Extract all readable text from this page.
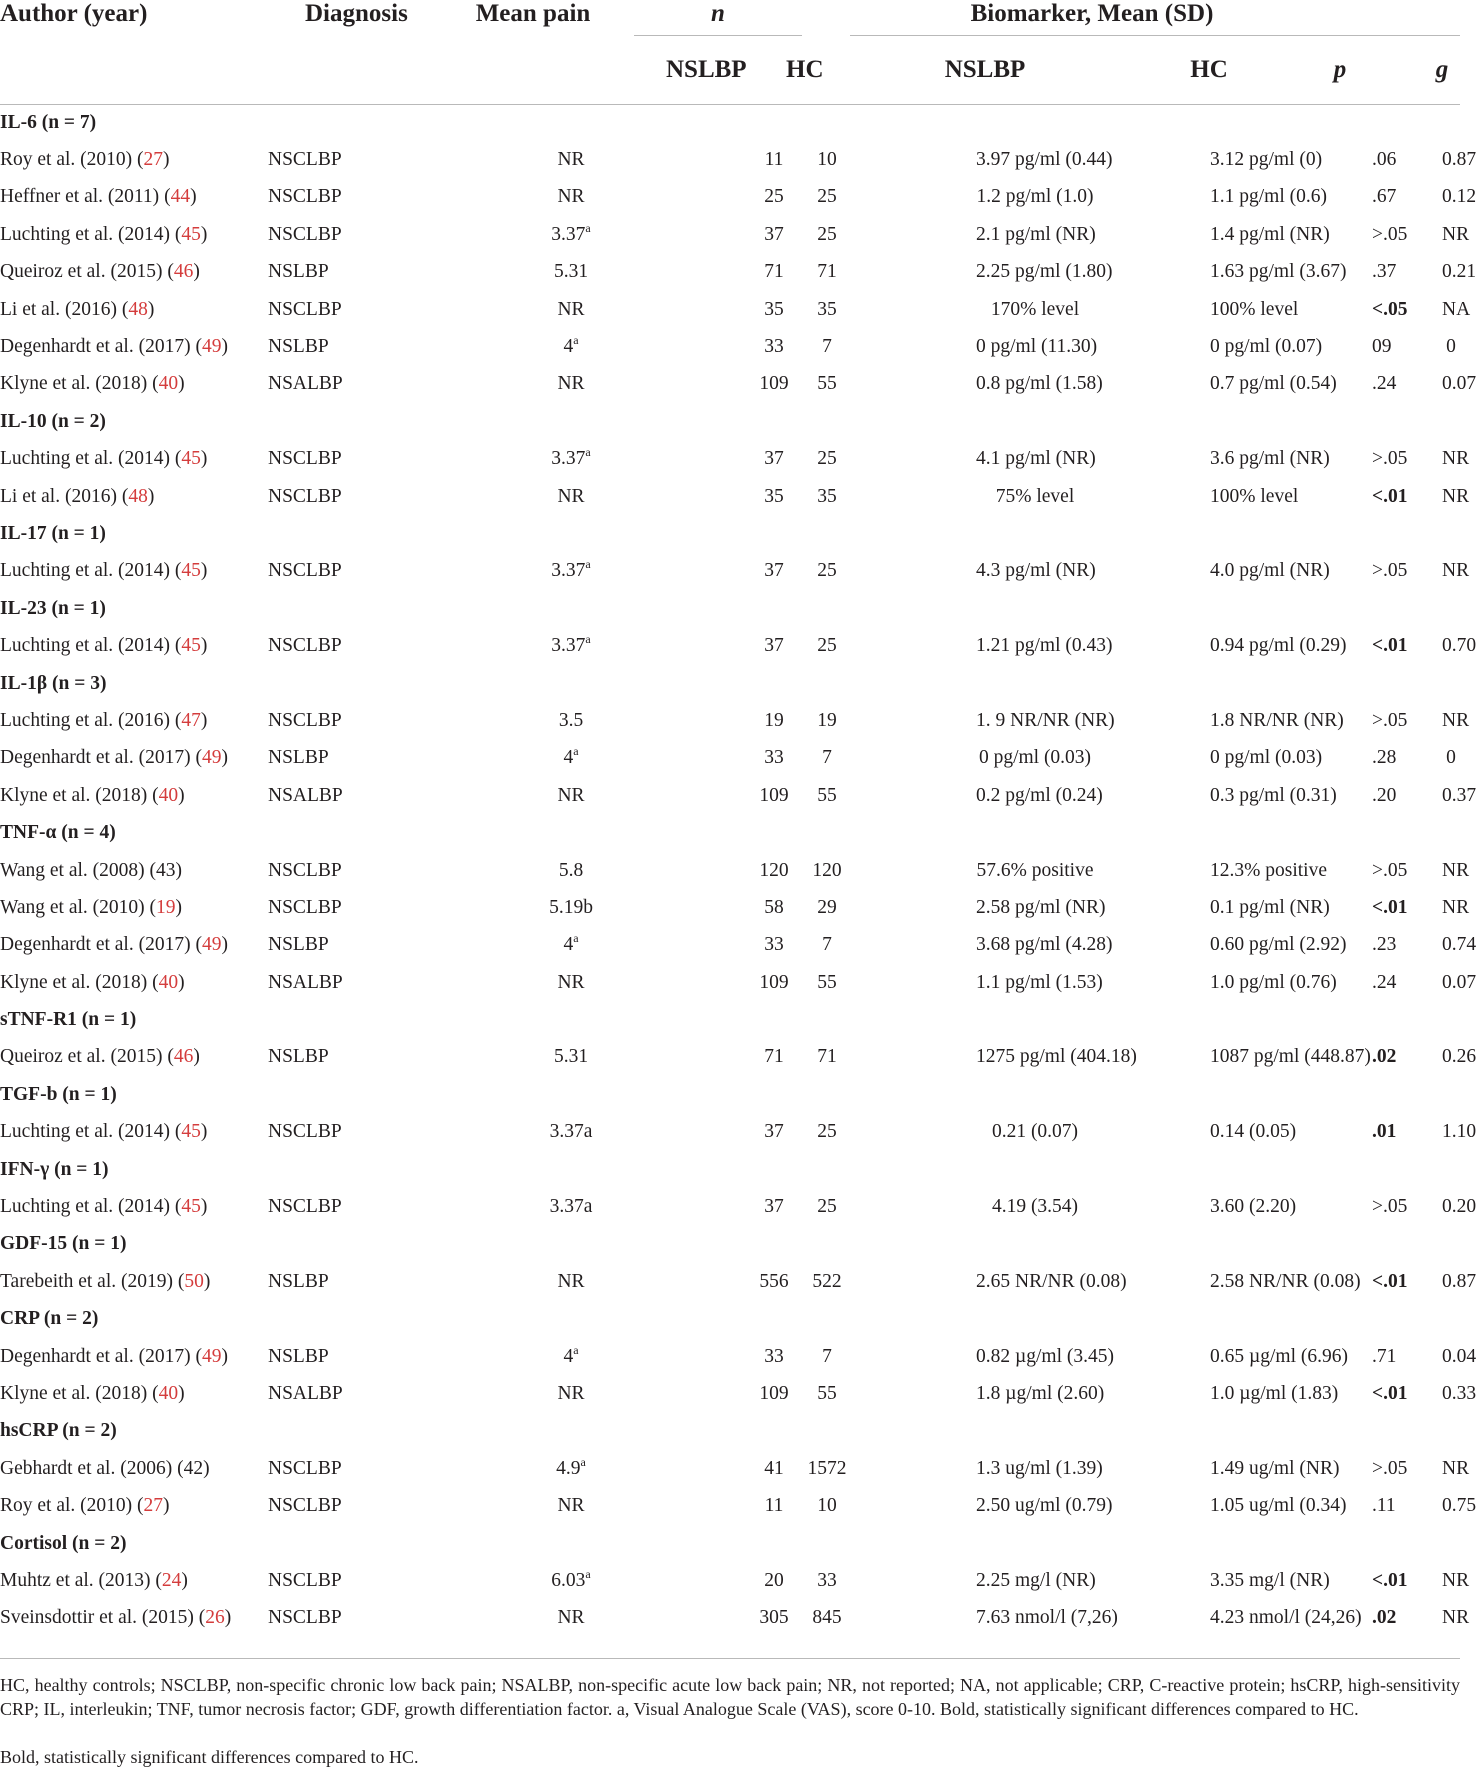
Author (year)	Diagnosis	Mean pain	n			Biomarker, Mean (SD)			

			NSLBP	HC		NSLBP	HC	p	g
IL-6 (n = 7)									
Roy et al. (2010) (27)	NSCLBP	NR	11	10		3.97 pg/ml (0.44)	3.12 pg/ml (0)	.06	0.87
Heffner et al. (2011) (44)	NSCLBP	NR	25	25		1.2 pg/ml (1.0)	1.1 pg/ml (0.6)	.67	0.12
Luchting et al. (2014) (45)	NSCLBP	3.37$^a$	37	25		2.1 pg/ml (NR)	1.4 pg/ml (NR)	>.05	NR
Queiroz et al. (2015) (46)	NSLBP	5.31	71	71		2.25 pg/ml (1.80)	1.63 pg/ml (3.67)	.37	0.21
Li et al. (2016) (48)	NSCLBP	NR	35	35		170% level	100% level	<.05	NA
Degenhardt et al. (2017) (49)	NSLBP	4$^a$	33	7		0 pg/ml (11.30)	0 pg/ml (0.07)	09	0
Klyne et al. (2018) (40)	NSALBP	NR	109	55		0.8 pg/ml (1.58)	0.7 pg/ml (0.54)	.24	0.07
IL-10 (n = 2)									
Luchting et al. (2014) (45)	NSCLBP	3.37$^a$	37	25		4.1 pg/ml (NR)	3.6 pg/ml (NR)	>.05	NR
Li et al. (2016) (48)	NSCLBP	NR	35	35		75% level	100% level	<.01	NR
IL-17 (n = 1)									
Luchting et al. (2014) (45)	NSCLBP	3.37$^a$	37	25		4.3 pg/ml (NR)	4.0 pg/ml (NR)	>.05	NR
IL-23 (n = 1)									
Luchting et al. (2014) (45)	NSCLBP	3.37$^a$	37	25		1.21 pg/ml (0.43)	0.94 pg/ml (0.29)	<.01	0.70
IL-1β (n = 3)									
Luchting et al. (2016) (47)	NSCLBP	3.5	19	19		1. 9 NR/NR (NR)	1.8 NR/NR (NR)	>.05	NR
Degenhardt et al. (2017) (49)	NSLBP	4$^a$	33	7		0 pg/ml (0.03)	0 pg/ml (0.03)	.28	0
Klyne et al. (2018) (40)	NSALBP	NR	109	55		0.2 pg/ml (0.24)	0.3 pg/ml (0.31)	.20	0.37
TNF-α (n = 4)									
Wang et al. (2008) (43)	NSCLBP	5.8	120	120		57.6% positive	12.3% positive	>.05	NR
Wang et al. (2010) (19)	NSCLBP	5.19b	58	29		2.58 pg/ml (NR)	0.1 pg/ml (NR)	<.01	NR
Degenhardt et al. (2017) (49)	NSLBP	4$^a$	33	7		3.68 pg/ml (4.28)	0.60 pg/ml (2.92)	.23	0.74
Klyne et al. (2018) (40)	NSALBP	NR	109	55		1.1 pg/ml (1.53)	1.0 pg/ml (0.76)	.24	0.07
sTNF-R1 (n = 1)									
Queiroz et al. (2015) (46)	NSLBP	5.31	71	71		1275 pg/ml (404.18)	1087 pg/ml (448.87)	.02	0.26
TGF-b (n = 1)									
Luchting et al. (2014) (45)	NSCLBP	3.37a	37	25		0.21 (0.07)	0.14 (0.05)	.01	1.10
IFN-γ (n = 1)									
Luchting et al. (2014) (45)	NSCLBP	3.37a	37	25		4.19 (3.54)	3.60 (2.20)	>.05	0.20
GDF-15 (n = 1)									
Tarebeith et al. (2019) (50)	NSLBP	NR	556	522		2.65 NR/NR (0.08)	2.58 NR/NR (0.08)	<.01	0.87
CRP (n = 2)									
Degenhardt et al. (2017) (49)	NSLBP	4$^a$	33	7		0.82 µg/ml (3.45)	0.65 µg/ml (6.96)	.71	0.04
Klyne et al. (2018) (40)	NSALBP	NR	109	55		1.8 µg/ml (2.60)	1.0 µg/ml (1.83)	<.01	0.33
hsCRP (n = 2)									
Gebhardt et al. (2006) (42)	NSCLBP	4.9$^a$	41	1572		1.3 ug/ml (1.39)	1.49 ug/ml (NR)	>.05	NR
Roy et al. (2010) (27)	NSCLBP	NR	11	10		2.50 ug/ml (0.79)	1.05 ug/ml (0.34)	.11	0.75
Cortisol (n = 2)									
Muhtz et al. (2013) (24)	NSCLBP	6.03$^a$	20	33		2.25 mg/l (NR)	3.35 mg/l (NR)	<.01	NR
Sveinsdottir et al. (2015) (26)	NSCLBP	NR	305	845		7.63 nmol/l (7,26)	4.23 nmol/l (24,26)	.02	NR
HC, healthy controls; NSCLBP, non-specific chronic low back pain; NSALBP, non-specific acute low back pain; NR, not reported; NA, not applicable; CRP, C-reactive protein; hsCRP, high-sensitivity CRP; IL, interleukin; TNF, tumor necrosis factor; GDF, growth differentiation factor. a, Visual Analogue Scale (VAS), score 0-10. Bold, statistically significant differences compared to HC.
Bold, statistically significant differences compared to HC.
